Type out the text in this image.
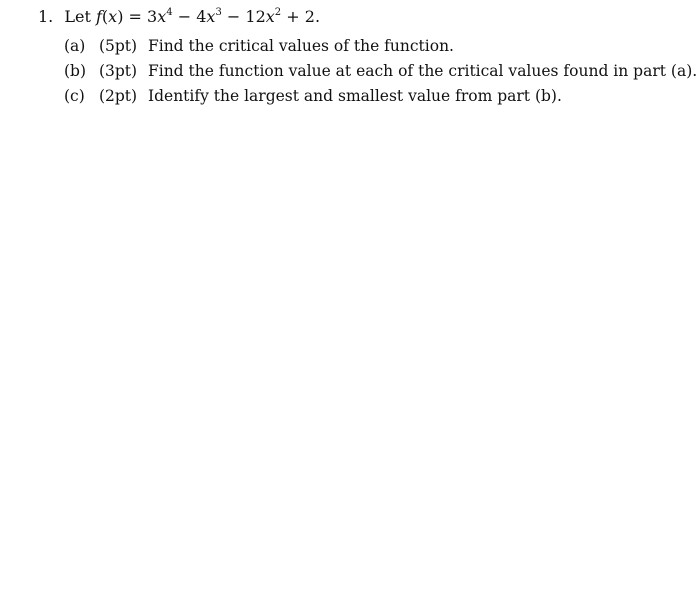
1. Let $f(x) = 3x^4 - 4x^3 - 12x^2 + 2$.
(a) (5pt) Find the critical values of the function.
(b) (3pt) Find the function value at each of the critical values found in part (a).
(c) (2pt) Identify the largest and smallest value from part (b).
